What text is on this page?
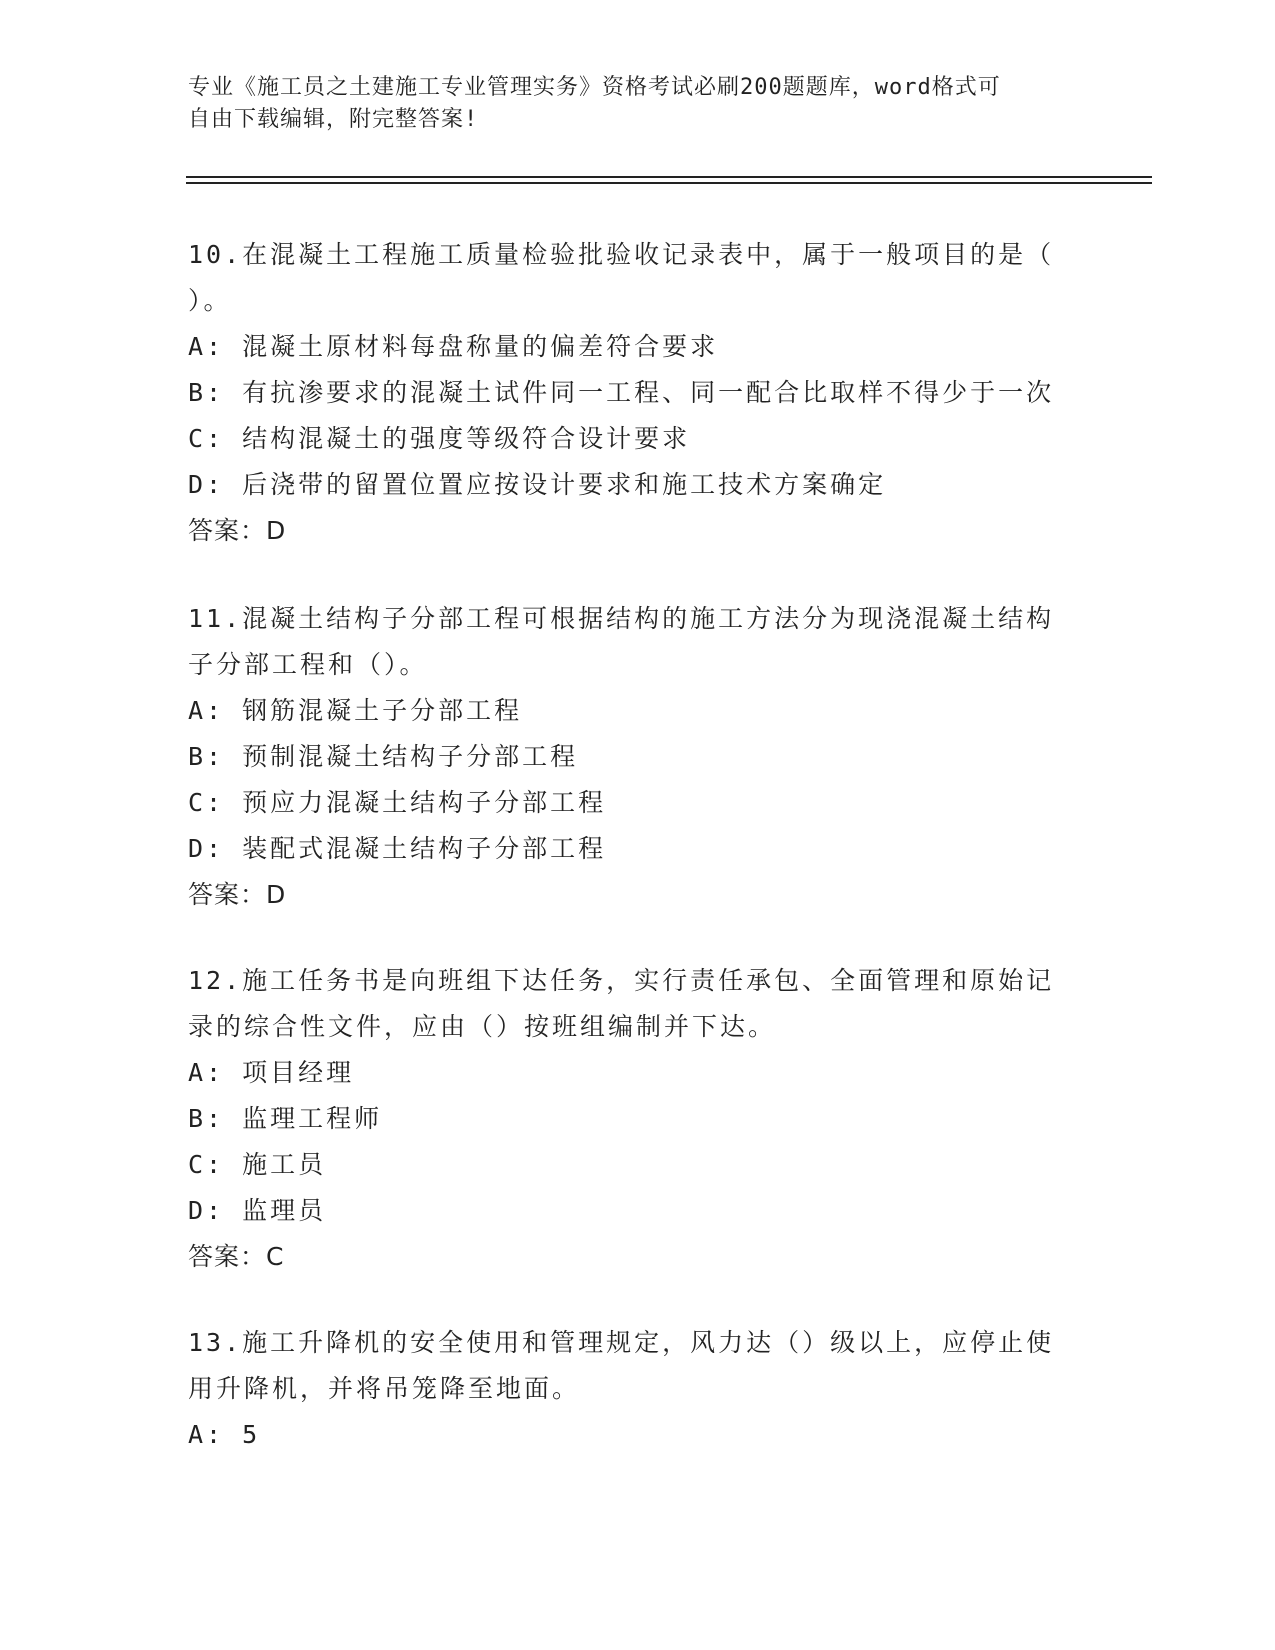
专业《施工员之土建施工专业管理实务》资格考试必刷200题题库，word格式可
自由下载编辑，附完整答案!

10.在混凝土工程施工质量检验批验收记录表中，属于一般项目的是（

）。

A: 混凝土原材料每盘称量的偏差符合要求

B: 有抗渗要求的混凝土试件同一工程、同一配合比取样不得少于一次

C: 结构混凝土的强度等级符合设计要求

D: 后浇带的留置位置应按设计要求和施工技术方案确定

答案：D

11.混凝土结构子分部工程可根据结构的施工方法分为现浇混凝土结构

子分部工程和（）。

A: 钢筋混凝土子分部工程

B: 预制混凝土结构子分部工程

C: 预应力混凝土结构子分部工程

D: 装配式混凝土结构子分部工程

答案：D

12.施工任务书是向班组下达任务，实行责任承包、全面管理和原始记

录的综合性文件，应由（）按班组编制并下达。

A: 项目经理

B: 监理工程师

C: 施工员

D: 监理员

答案：C

13.施工升降机的安全使用和管理规定，风力达（）级以上，应停止使

用升降机，并将吊笼降至地面。

A: 5
